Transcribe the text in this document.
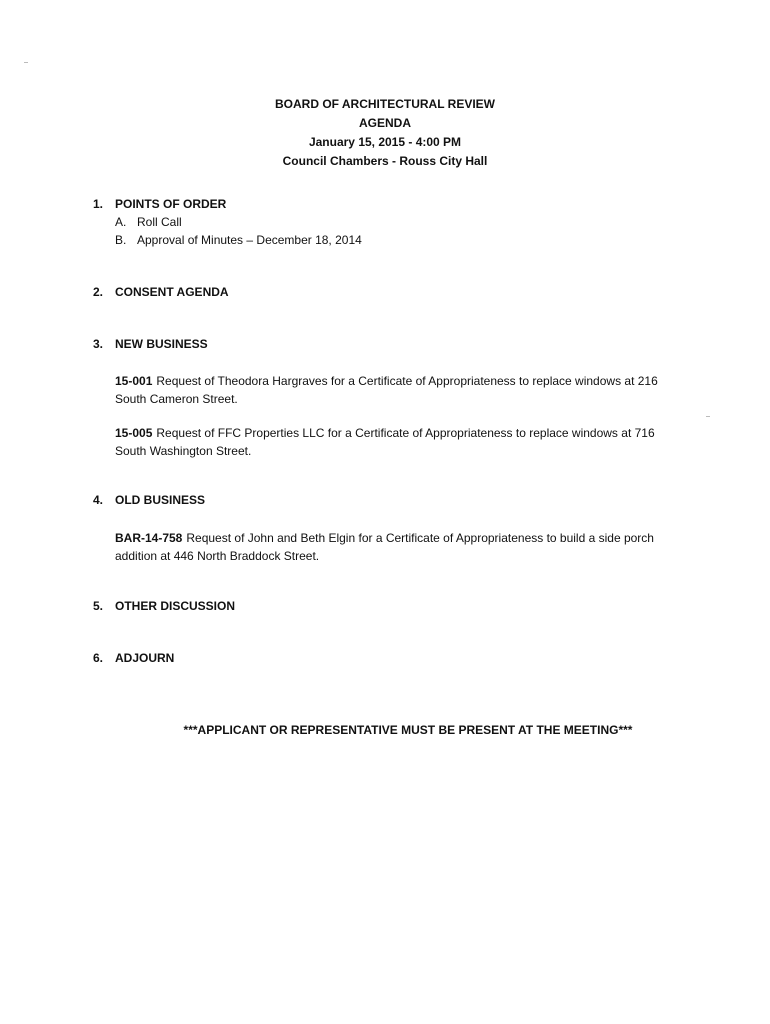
BOARD OF ARCHITECTURAL REVIEW
AGENDA
January 15, 2015 - 4:00 PM
Council Chambers - Rouss City Hall
1. POINTS OF ORDER
A. Roll Call
B. Approval of Minutes – December 18, 2014
2. CONSENT AGENDA
3. NEW BUSINESS
15-001 Request of Theodora Hargraves for a Certificate of Appropriateness to replace windows at 216 South Cameron Street.
15-005 Request of FFC Properties LLC for a Certificate of Appropriateness to replace windows at 716 South Washington Street.
4. OLD BUSINESS
BAR-14-758 Request of John and Beth Elgin for a Certificate of Appropriateness to build a side porch addition at 446 North Braddock Street.
5. OTHER DISCUSSION
6. ADJOURN
***APPLICANT OR REPRESENTATIVE MUST BE PRESENT AT THE MEETING***
